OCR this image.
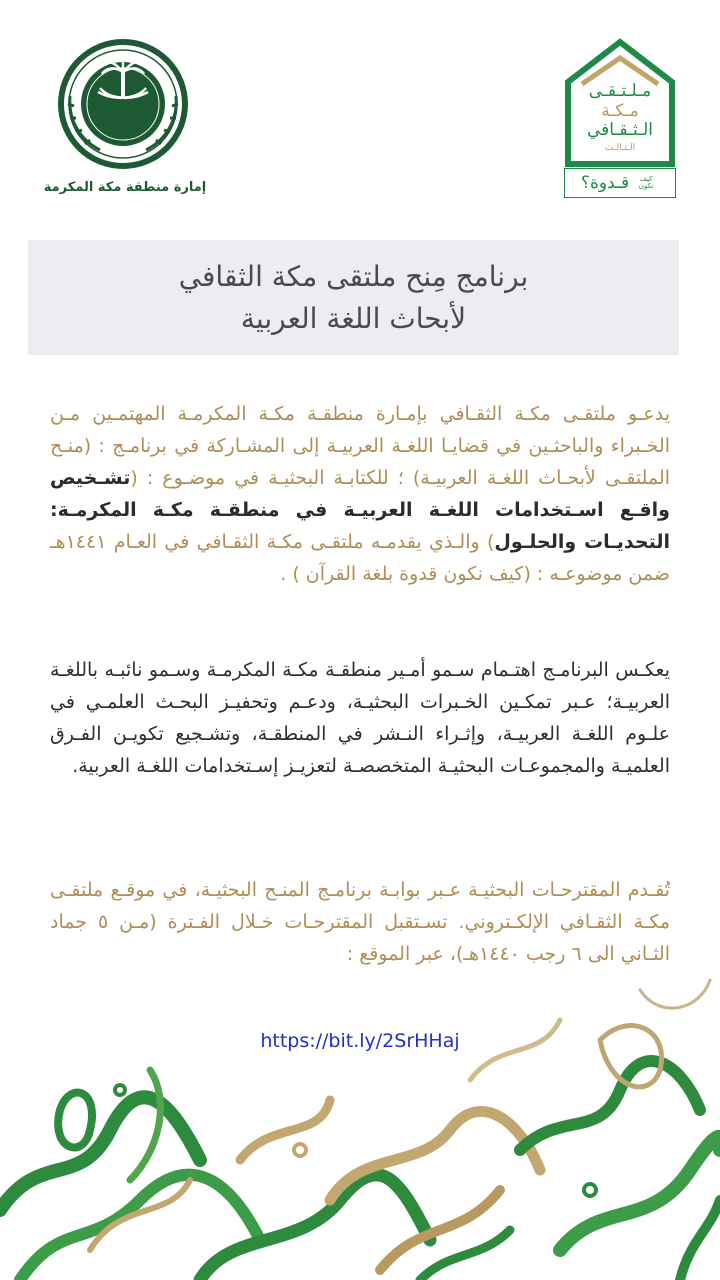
مـلـتـقـى
مـكـة
الـثـقـافي
الـثـالـث
كيف نكون
قـدوة؟
إمارة منطقة مكة المكرمة
برنامج مِنح ملتقى مكة الثقافي
لأبحاث اللغة العربية

يدعـو ملتقـى مكـة الثقـافي بإمـارة منطقـة مكـة المكرمـة المهتمـين مـن الخـبراء والباحثـين في قضايـا اللغـة العربيـة إلى المشـاركة في برنامـج : (منـح الملتقـى لأبحـاث اللغـة العربيـة) ؛ للكتابـة البحثيـة في موضـوع : (تشـخيص واقـع اسـتخدامات اللغـة العربيـة في منطقـة مكـة المكرمـة: التحديـات والحلـول) والـذي يقدمـه ملتقـى مكـة الثقـافي في العـام ١٤٤١هـ ضمن موضوعـه : (كيف نكون قدوة بلغة القرآن ) .

يعكـس البرنامـج اهتـمام سـمو أمـير منطقـة مكـة المكرمـة وسـمو نائبـه باللغـة العربيـة؛ عـبر تمكـين الخـبرات البحثيـة، ودعـم وتحفيـز البحـث العلمـي في علـوم اللغـة العربيـة، وإثـراء النـشر في المنطقـة، وتشـجيع تكويـن الفـرق العلميـة والمجموعـات البحثيـة المتخصصـة لتعزيـز إسـتخدامات اللغـة العربية.

تُقـدم المقترحـات البحثيـة عـبر بوابـة برنامـج المنـح البحثيـة، في موقـع ملتقـى مكـة الثقـافي الإلكـتروني. تسـتقبل المقترحـات خـلال الفـترة (مـن ٥ جماد الثـاني الى ٦ رجب ١٤٤٠هـ)، عبر الموقع :

https://bit.ly/2SrHHaj
